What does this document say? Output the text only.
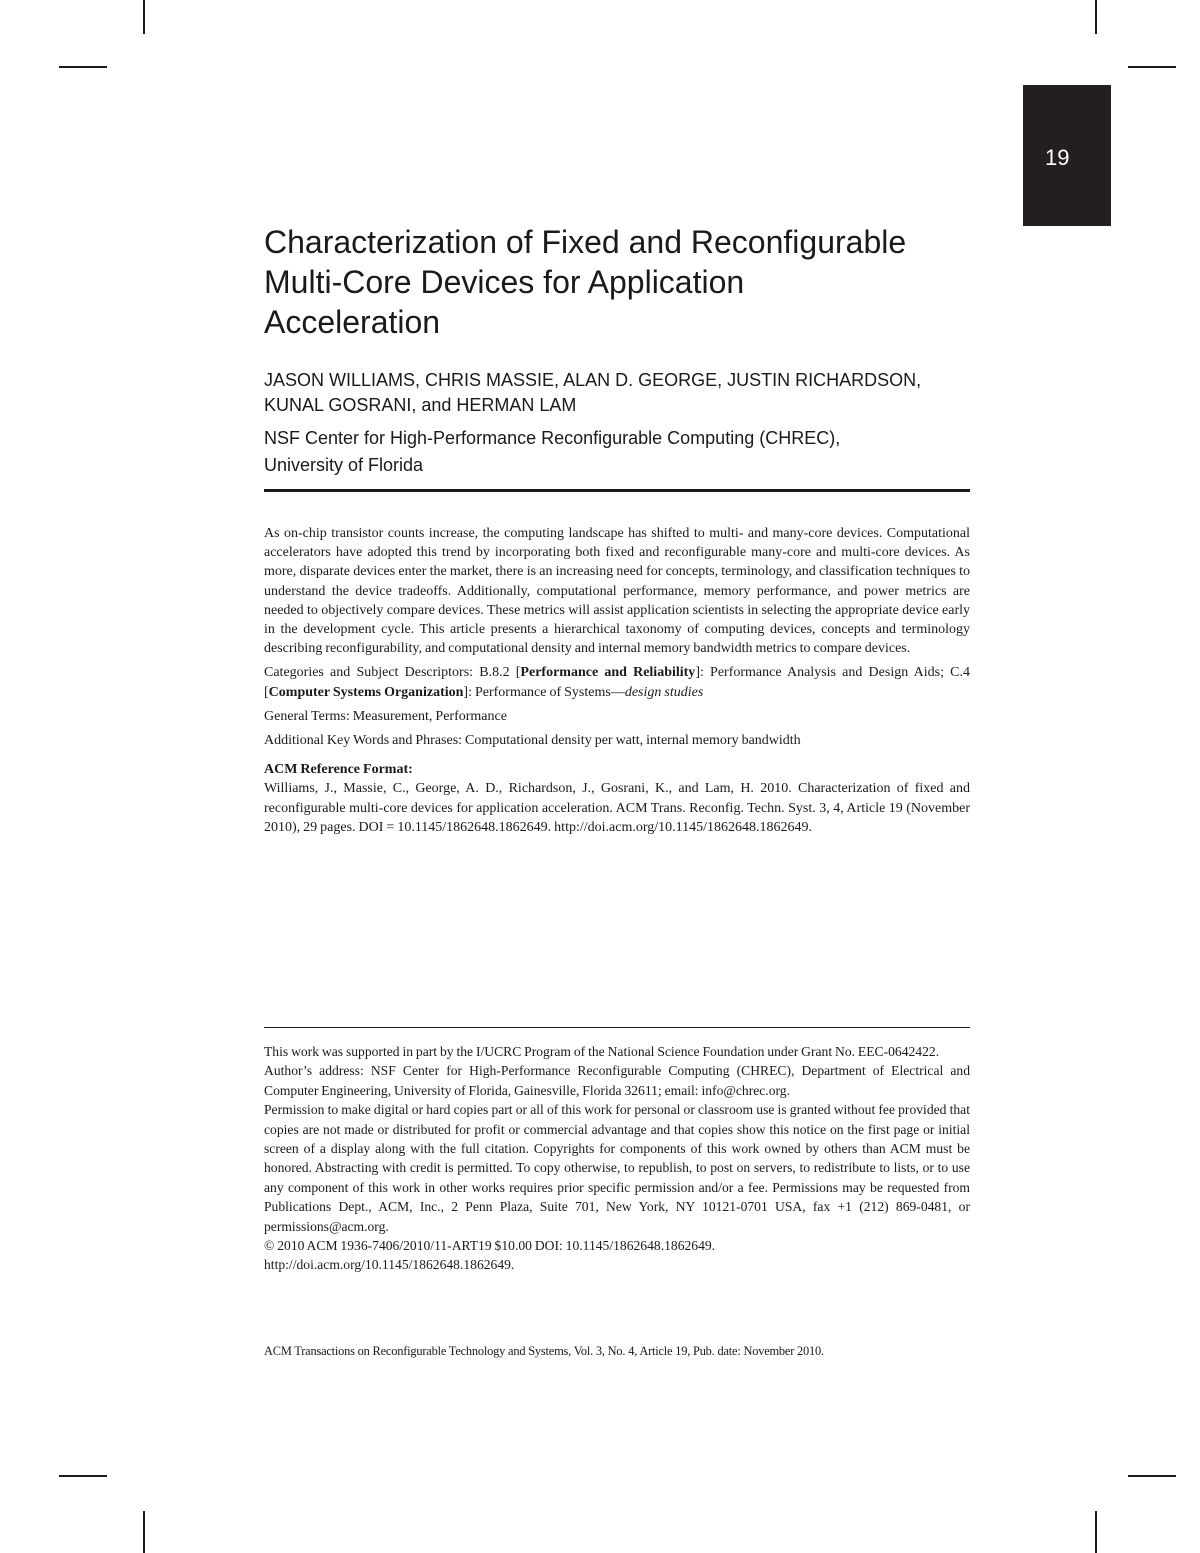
19
Characterization of Fixed and Reconfigurable
Multi-Core Devices for Application
Acceleration
JASON WILLIAMS, CHRIS MASSIE, ALAN D. GEORGE, JUSTIN RICHARDSON,
KUNAL GOSRANI, and HERMAN LAM
NSF Center for High-Performance Reconfigurable Computing (CHREC),
University of Florida

As on-chip transistor counts increase, the computing landscape has shifted to multi- and many-core devices. Computational accelerators have adopted this trend by incorporating both fixed and reconfigurable many-core and multi-core devices. As more, disparate devices enter the market, there is an increasing need for concepts, terminology, and classification techniques to understand the device tradeoffs. Additionally, computational performance, memory performance, and power metrics are needed to objectively compare devices. These metrics will assist application scientists in selecting the appropriate device early in the development cycle. This article presents a hierarchical taxonomy of computing devices, concepts and terminology describing reconfigurability, and computational density and internal memory bandwidth metrics to compare devices.

Categories and Subject Descriptors: B.8.2 [Performance and Reliability]: Performance Analysis and Design Aids; C.4 [Computer Systems Organization]: Performance of Systems—design studies

General Terms: Measurement, Performance

Additional Key Words and Phrases: Computational density per watt, internal memory bandwidth

ACM Reference Format:

Williams, J., Massie, C., George, A. D., Richardson, J., Gosrani, K., and Lam, H. 2010. Characterization of fixed and reconfigurable multi-core devices for application acceleration. ACM Trans. Reconfig. Techn. Syst. 3, 4, Article 19 (November 2010), 29 pages. DOI = 10.1145/1862648.1862649. http://doi.acm.org/10.1145/1862648.1862649.

This work was supported in part by the I/UCRC Program of the National Science Foundation under Grant No. EEC-0642422.

Author’s address: NSF Center for High-Performance Reconfigurable Computing (CHREC), Department of Electrical and Computer Engineering, University of Florida, Gainesville, Florida 32611; email: info@chrec.org.

Permission to make digital or hard copies part or all of this work for personal or classroom use is granted without fee provided that copies are not made or distributed for profit or commercial advantage and that copies show this notice on the first page or initial screen of a display along with the full citation. Copyrights for components of this work owned by others than ACM must be honored. Abstracting with credit is permitted. To copy otherwise, to republish, to post on servers, to redistribute to lists, or to use any component of this work in other works requires prior specific permission and/or a fee. Permissions may be requested from Publications Dept., ACM, Inc., 2 Penn Plaza, Suite 701, New York, NY 10121-0701 USA, fax +1 (212) 869-0481, or permissions@acm.org.

© 2010 ACM 1936-7406/2010/11-ART19 $10.00 DOI: 10.1145/1862648.1862649.

http://doi.acm.org/10.1145/1862648.1862649.

ACM Transactions on Reconfigurable Technology and Systems, Vol. 3, No. 4, Article 19, Pub. date: November 2010.
